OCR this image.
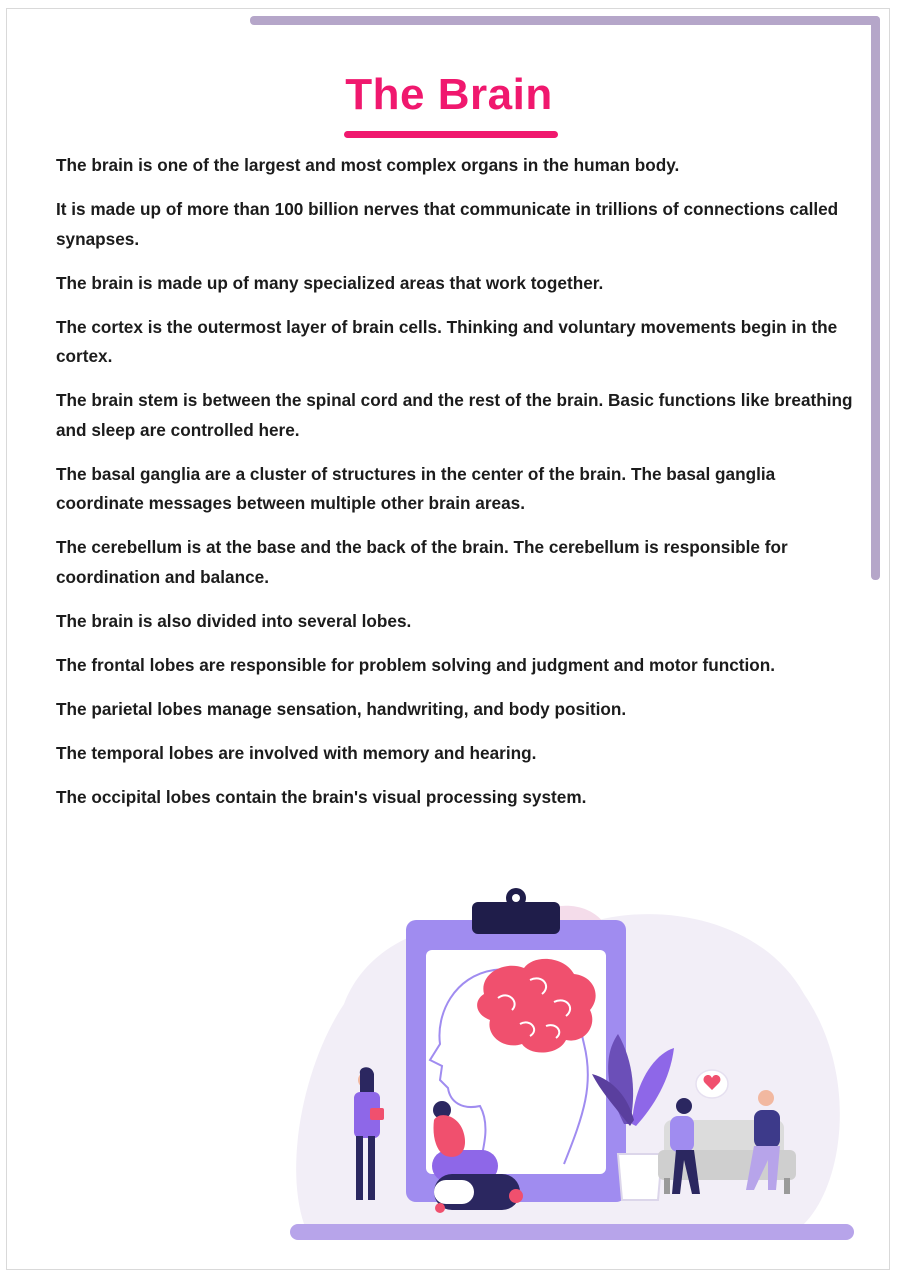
The Brain

The brain is one of the largest and most complex organs in the human body.

It is made up of more than 100 billion nerves that communicate in trillions of connections called synapses.

The brain is made up of many specialized areas that work together.

The cortex is the outermost layer of brain cells. Thinking and voluntary movements begin in the cortex.

The brain stem is between the spinal cord and the rest of the brain. Basic functions like breathing and sleep are controlled here.

The basal ganglia are a cluster of structures in the center of the brain. The basal ganglia coordinate messages between multiple other brain areas.

The cerebellum is at the base and the back of the brain. The cerebellum is responsible for coordination and balance.

The brain is also divided into several lobes.

The frontal lobes are responsible for problem solving and judgment and motor function.

The parietal lobes manage sensation, handwriting, and body position.

The temporal lobes are involved with memory and hearing.

The occipital lobes contain the brain's visual processing system.
